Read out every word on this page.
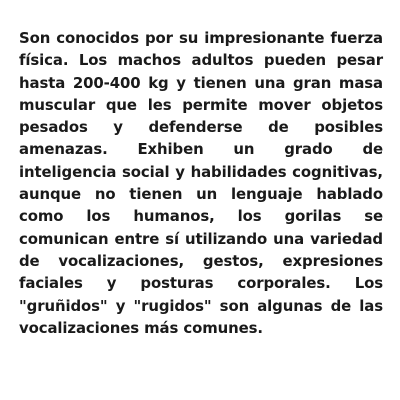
Son conocidos por su impresionante fuerza física. Los machos adultos pueden pesar hasta 200-400 kg y tienen una gran masa muscular que les permite mover objetos pesados y defenderse de posibles amenazas. Exhiben un grado de inteligencia social y habilidades cognitivas, aunque no tienen un lenguaje hablado como los humanos, los gorilas se comunican entre sí utilizando una variedad de vocalizaciones, gestos, expresiones faciales y posturas corporales. Los "gruñidos" y "rugidos" son algunas de las vocalizaciones más comunes.
